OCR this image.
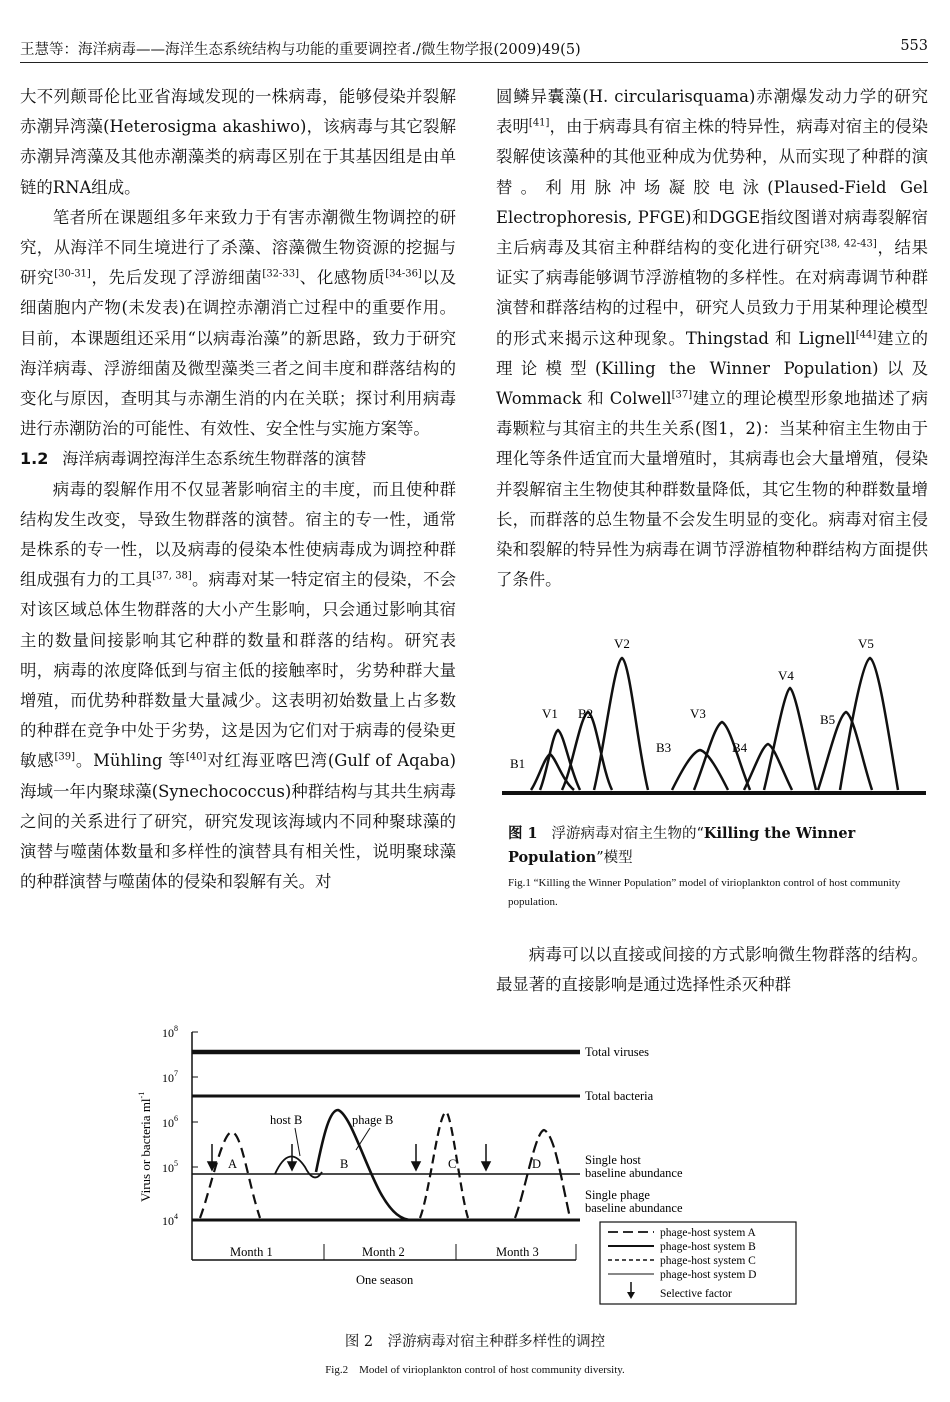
王慧等：海洋病毒——海洋生态系统结构与功能的重要调控者./微生物学报(2009)49(5)	553

大不列颠哥伦比亚省海域发现的一株病毒，能够侵染并裂解赤潮异湾藻(Heterosigma akashiwo)，该病毒与其它裂解赤潮异湾藻及其他赤潮藻类的病毒区别在于其基因组是由单链的RNA组成。

笔者所在课题组多年来致力于有害赤潮微生物调控的研究，从海洋不同生境进行了杀藻、溶藻微生物资源的挖掘与研究[30-31]，先后发现了浮游细菌[32-33]、化感物质[34-36]以及细菌胞内产物(未发表)在调控赤潮消亡过程中的重要作用。目前，本课题组还采用“以病毒治藻”的新思路，致力于研究海洋病毒、浮游细菌及微型藻类三者之间丰度和群落结构的变化与原因，查明其与赤潮生消的内在关联；探讨利用病毒进行赤潮防治的可能性、有效性、安全性与实施方案等。

1.2 海洋病毒调控海洋生态系统生物群落的演替

病毒的裂解作用不仅显著影响宿主的丰度，而且使种群结构发生改变，导致生物群落的演替。宿主的专一性，通常是株系的专一性，以及病毒的侵染本性使病毒成为调控种群组成强有力的工具[37, 38]。病毒对某一特定宿主的侵染，不会对该区域总体生物群落的大小产生影响，只会通过影响其宿主的数量间接影响其它种群的数量和群落的结构。研究表明，病毒的浓度降低到与宿主低的接触率时，劣势种群大量增殖，而优势种群数量大量减少。这表明初始数量上占多数的种群在竞争中处于劣势，这是因为它们对于病毒的侵染更敏感[39]。Mühling 等[40]对红海亚喀巴湾(Gulf of Aqaba)海域一年内聚球藻(Synechococcus)种群结构与其共生病毒之间的关系进行了研究，研究发现该海域内不同种聚球藻的演替与噬菌体数量和多样性的演替具有相关性，说明聚球藻的种群演替与噬菌体的侵染和裂解有关。对

圆鳞异囊藻(H. circularisquama)赤潮爆发动力学的研究表明[41]，由于病毒具有宿主株的特异性，病毒对宿主的侵染裂解使该藻种的其他亚种成为优势种，从而实现了种群的演替。利用脉冲场凝胶电泳(Plaused-Field Gel Electrophoresis, PFGE)和DGGE指纹图谱对病毒裂解宿主后病毒及其宿主种群结构的变化进行研究[38, 42-43]，结果证实了病毒能够调节浮游植物的多样性。在对病毒调节种群演替和群落结构的过程中，研究人员致力于用某种理论模型的形式来揭示这种现象。Thingstad 和 Lignell[44]建立的理论模型(Killing the Winner Population)以及 Wommack 和 Colwell[37]建立的理论模型形象地描述了病毒颗粒与其宿主的共生关系(图1，2)：当某种宿主生物由于理化等条件适宜而大量增殖时，其病毒也会大量增殖，侵染并裂解宿主生物使其种群数量降低，其它生物的种群数量增长，而群落的总生物量不会发生明显的变化。病毒对宿主侵染和裂解的特异性为病毒在调节浮游植物种群结构方面提供了条件。

B1
V1 B2
V2
B3
V3
B4
V4
B5
V5
图 1 浮游病毒对宿主生物的“Killing the Winner Population”模型
Fig.1 “Killing the Winner Population” model of virioplankton control of host community population.
病毒可以以直接或间接的方式影响微生物群落的结构。最显著的直接影响是通过选择性杀灭种群
$10^8$
$10^7$
$10^6$
$10^5$
$10^4$
Virus or bacteria $ml^{-1}$
Total viruses
Total bacteria
Single host
baseline abundance
Single phage
baseline abundance
A	B	C	D
host B	phage B
Month 1	Month 2	Month 3
One season
phage-host system A
phage-host system B
phage-host system C
phage-host system D
Selective factor
图 2　浮游病毒对宿主种群多样性的调控
Fig.2　Model of virioplankton control of host community diversity.
